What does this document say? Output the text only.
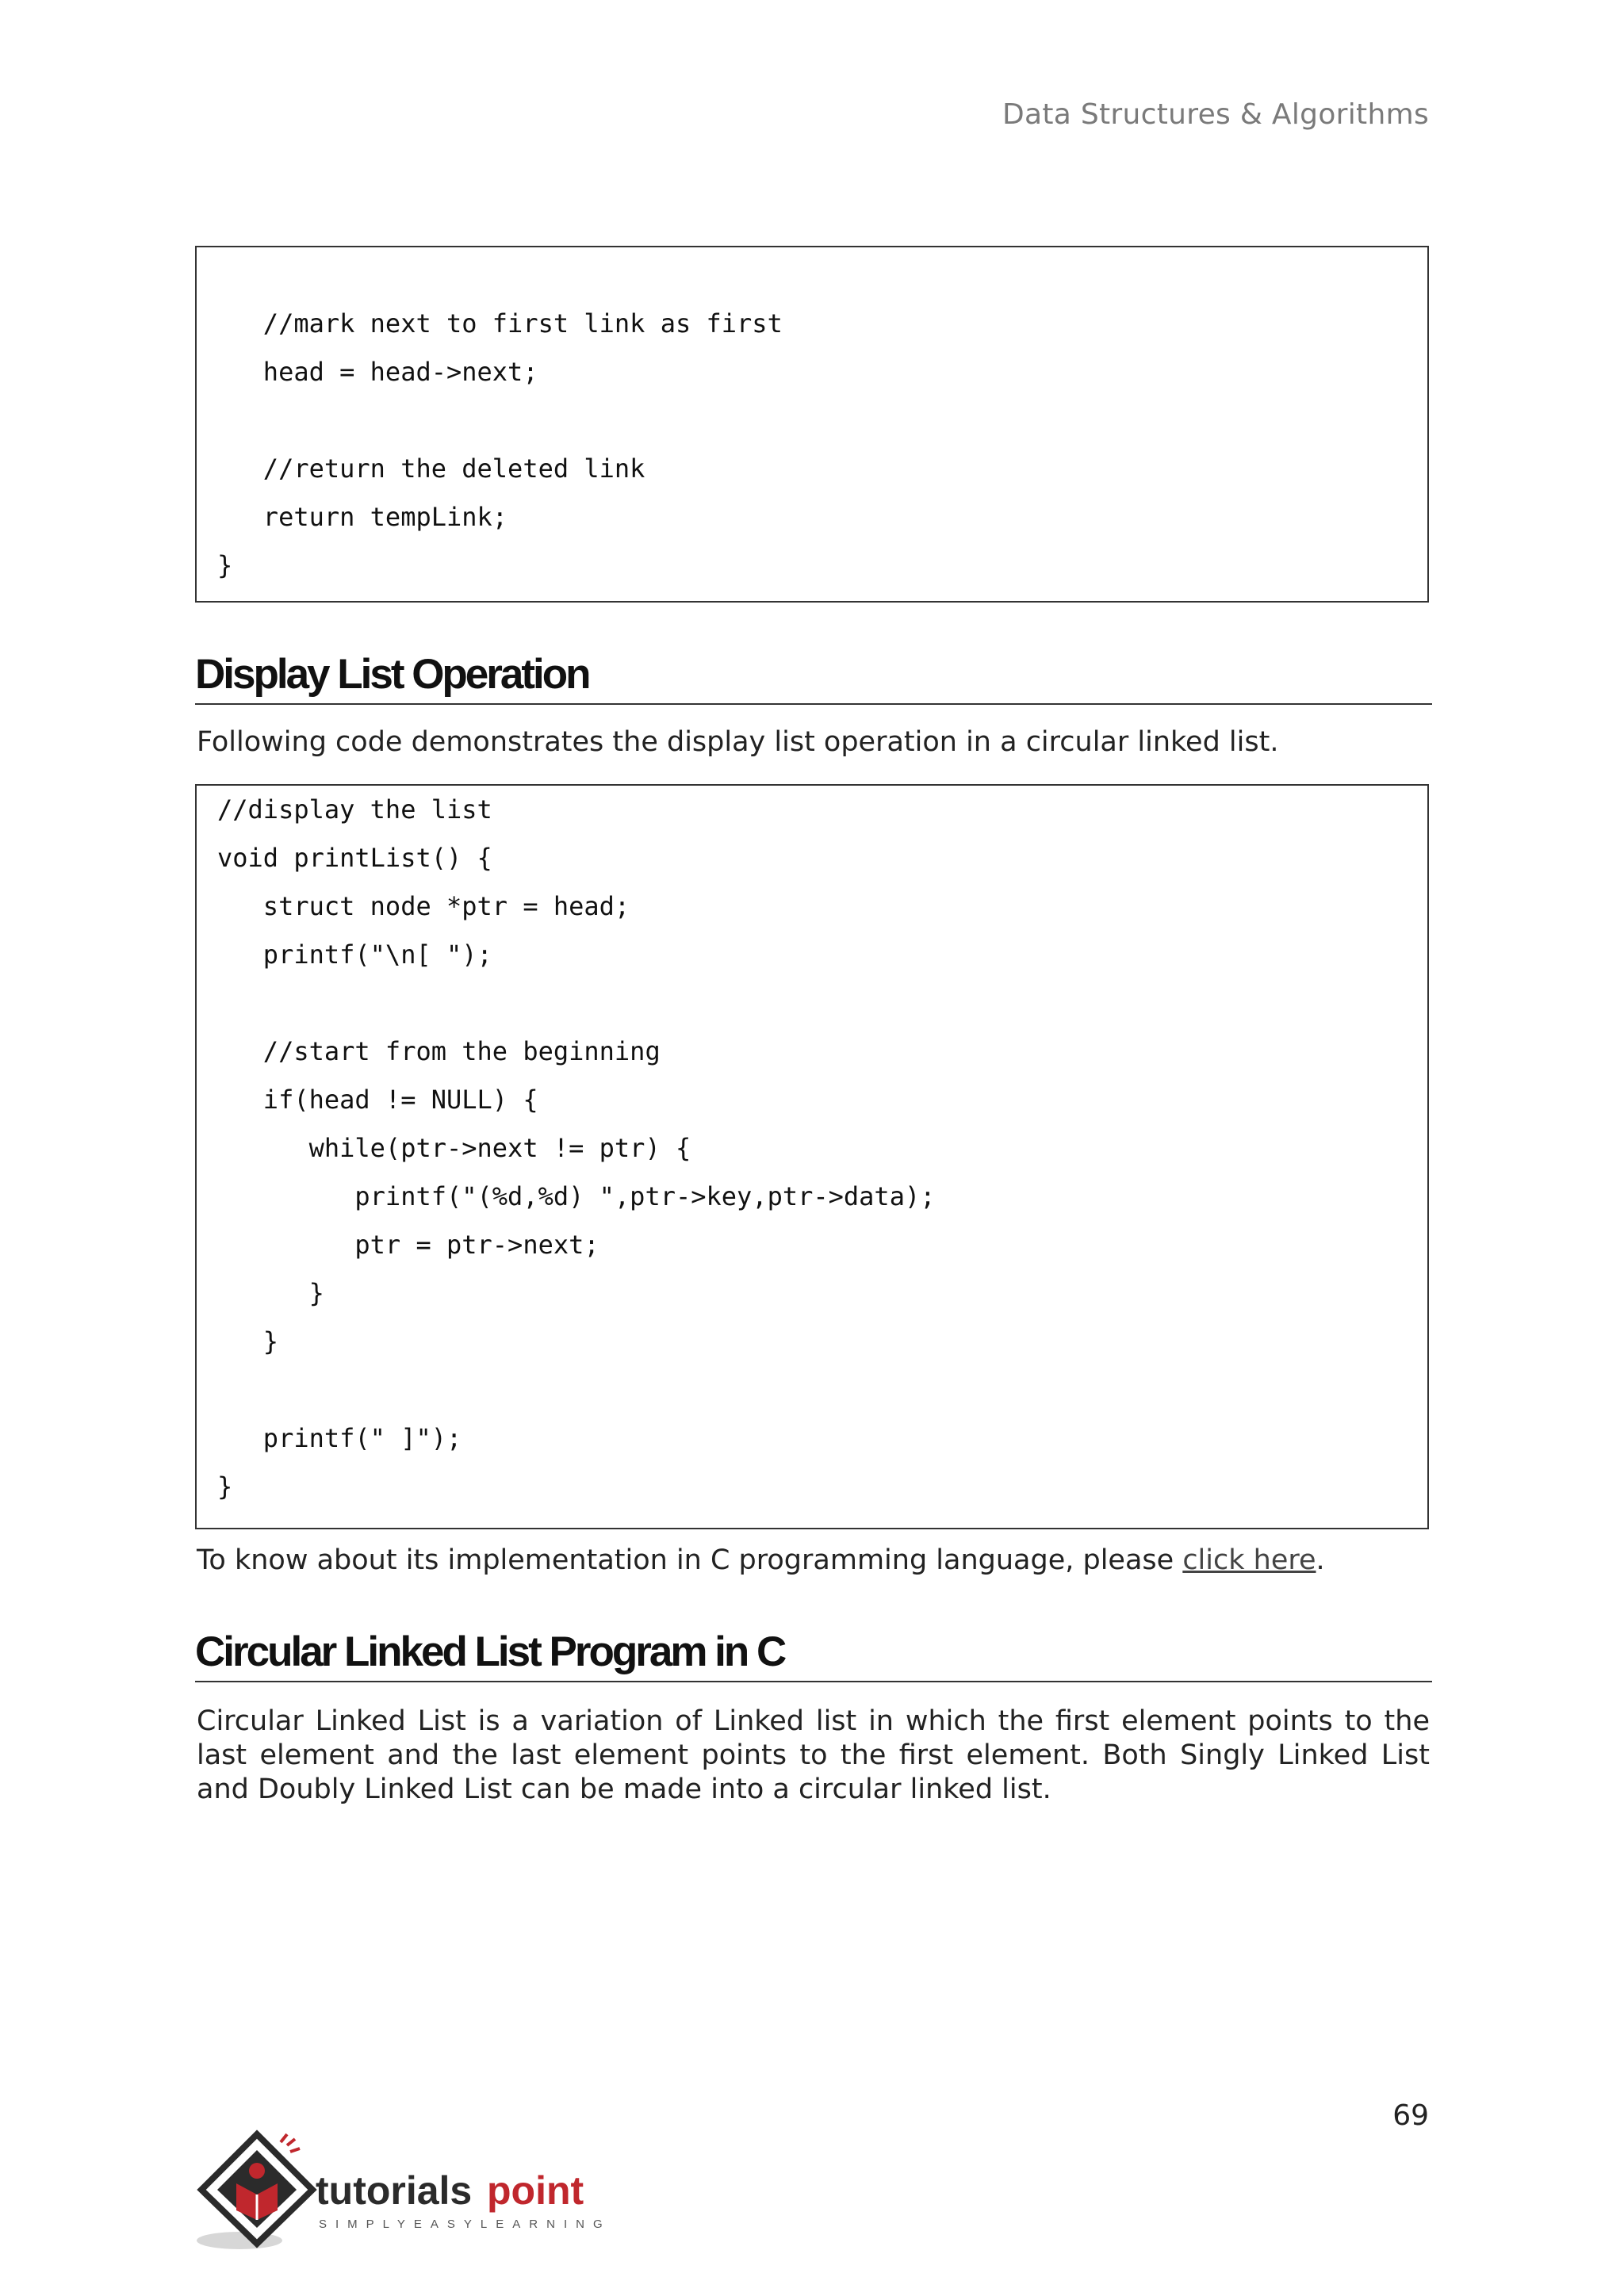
Data Structures & Algorithms
//mark next to first link as first
head = head->next;

//return the deleted link
return tempLink;
}
Display List Operation

Following code demonstrates the display list operation in a circular linked list.

//display the list
void printList() {
struct node *ptr = head;
printf("\n[ ");

//start from the beginning
if(head != NULL) {
while(ptr->next != ptr) {
printf("(%d,%d) ",ptr->key,ptr->data);
ptr = ptr->next;
}
}

printf(" ]");
}

To know about its implementation in C programming language, please click here.

Circular Linked List Program in C

Circular Linked List is a variation of Linked list in which the first element points to the last element and the last element points to the first element. Both Singly Linked List and Doubly Linked List can be made into a circular linked list.

69
tutorials point
SIMPLYEASYLEARNING
